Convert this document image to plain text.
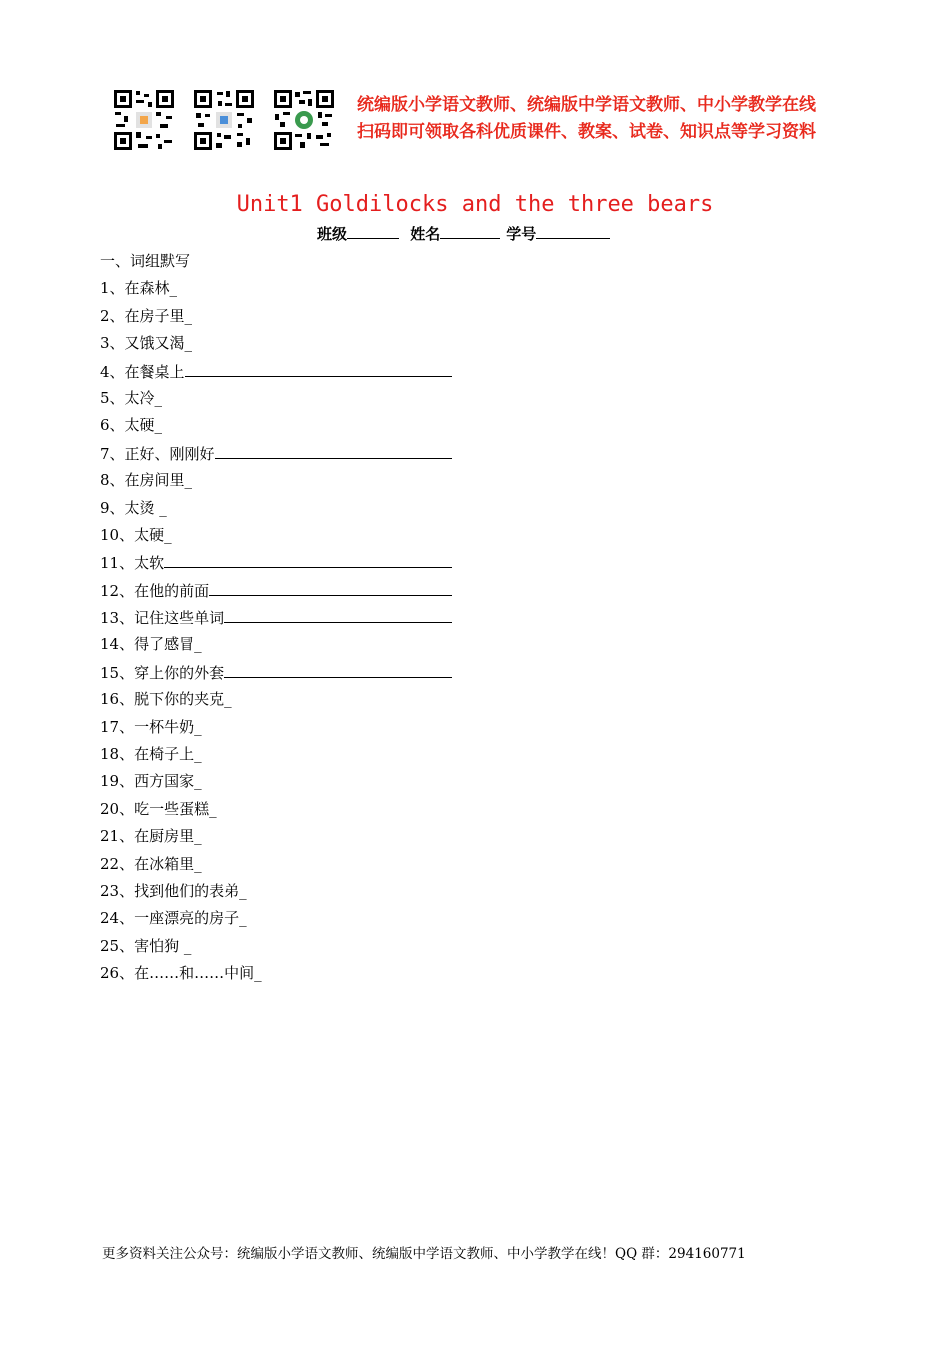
统编版小学语文教师、统编版中学语文教师、中小学教学在线
扫码即可领取各科优质课件、教案、试卷、知识点等学习资料
Unit1 Goldilocks and the three bears
班级	姓名	学号
一、词组默写
1、在森林_
2、在房子里_
3、又饿又渴_
4、在餐桌上
5、太冷_
6、太硬_
7、正好、刚刚好
8、在房间里_
9、太烫 _
10、太硬_
11、太软
12、在他的前面
13、记住这些单词
14、得了感冒_
15、穿上你的外套
16、脱下你的夹克_
17、一杯牛奶_
18、在椅子上_
19、西方国家_
20、吃一些蛋糕_
21、在厨房里_
22、在冰箱里_
23、找到他们的表弟_
24、一座漂亮的房子_
25、害怕狗 _
26、在……和……中间_
更多资料关注公众号：统编版小学语文教师、统编版中学语文教师、中小学教学在线！QQ 群：294160771
